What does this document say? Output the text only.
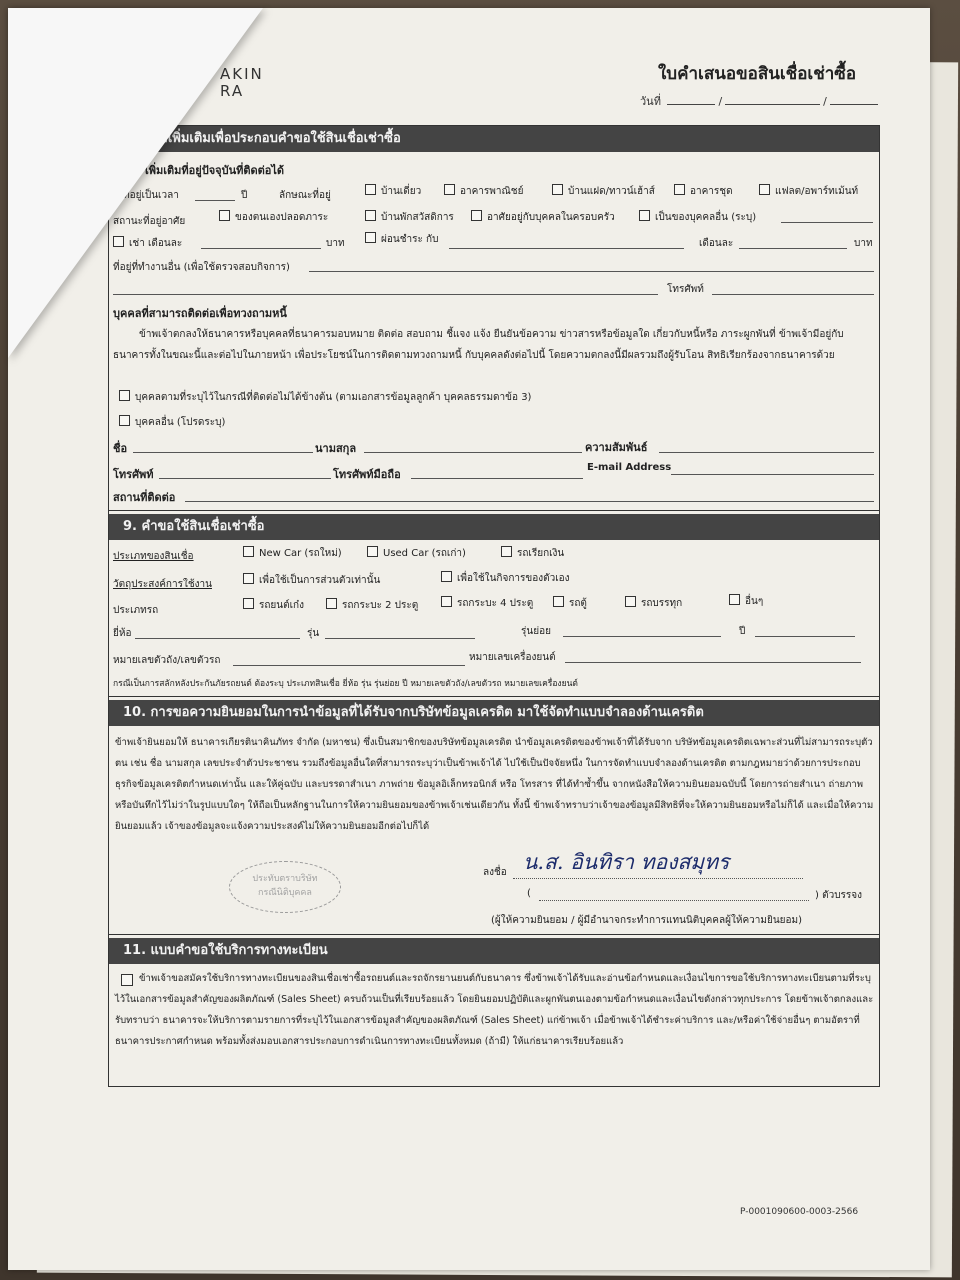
AKIN
RA
ใบคำเสนอขอสินเชื่อเช่าซื้อ
วันที่	/	/
ผู้เช่าซื้อเพิ่มเติมเพื่อประกอบคำขอใช้สินเชื่อเช่าซื้อ
เพิ่มเติมที่อยู่ปัจจุบันที่ติดต่อได้
ที่อยู่เป็นเวลา	ปี	ลักษณะที่อยู่	บ้านเดี่ยว	อาคารพาณิชย์	บ้านแฝด/ทาวน์เฮ้าส์	อาคารชุด	แฟลต/อพาร์ทเม้นท์
สถานะที่อยู่อาศัย	ของตนเองปลอดภาระ	บ้านพักสวัสดิการ	อาศัยอยู่กับบุคคลในครอบครัว	เป็นของบุคคลอื่น (ระบุ)
เช่า เดือนละ	บาท	ผ่อนชำระ กับ	เดือนละ	บาท
ที่อยู่ที่ทำงานอื่น (เพื่อใช้ตรวจสอบกิจการ)
โทรศัพท์
บุคคลที่สามารถติดต่อเพื่อทวงถามหนี้
ข้าพเจ้าตกลงให้ธนาคารหรือบุคคลที่ธนาคารมอบหมาย ติดต่อ สอบถาม ชี้แจง แจ้ง ยืนยันข้อความ ข่าวสารหรือข้อมูลใด เกี่ยวกับหนี้หรือ ภาระผูกพันที่ ข้าพเจ้ามีอยู่กับธนาคารทั้งในขณะนี้และต่อไปในภายหน้า เพื่อประโยชน์ในการติดตามทวงถามหนี้ กับบุคคลดังต่อไปนี้ โดยความตกลงนี้มีผลรวมถึงผู้รับโอน สิทธิเรียกร้องจากธนาคารด้วย
บุคคลตามที่ระบุไว้ในกรณีที่ติดต่อไม่ได้ข้างต้น (ตามเอกสารข้อมูลลูกค้า บุคคลธรรมดาข้อ 3)
บุคคลอื่น (โปรดระบุ)
ชื่อ	นามสกุล	ความสัมพันธ์
โทรศัพท์	โทรศัพท์มือถือ
E-mail Address
สถานที่ติดต่อ
9. คำขอใช้สินเชื่อเช่าซื้อ
ประเภทของสินเชื่อ	New Car (รถใหม่)	Used Car (รถเก่า)	รถเรียกเงิน
วัตถุประสงค์การใช้งาน	เพื่อใช้เป็นการส่วนตัวเท่านั้น	เพื่อใช้ในกิจการของตัวเอง
ประเภทรถ	รถยนต์เก๋ง	รถกระบะ 2 ประตู	รถกระบะ 4 ประตู	รถตู้	รถบรรทุก	อื่นๆ
ยี่ห้อ	รุ่น	รุ่นย่อย	ปี
หมายเลขตัวถัง/เลขตัวรถ	หมายเลขเครื่องยนต์
กรณีเป็นการสลักหลังประกันภัยรถยนต์ ต้องระบุ ประเภทสินเชื่อ ยี่ห้อ รุ่น รุ่นย่อย ปี หมายเลขตัวถัง/เลขตัวรถ หมายเลขเครื่องยนต์
10. การขอความยินยอมในการนำข้อมูลที่ได้รับจากบริษัทข้อมูลเครดิต มาใช้จัดทำแบบจำลองด้านเครดิต
ข้าพเจ้ายินยอมให้ ธนาคารเกียรตินาคินภัทร จำกัด (มหาชน) ซึ่งเป็นสมาชิกของบริษัทข้อมูลเครดิต นำข้อมูลเครดิตของข้าพเจ้าที่ได้รับจาก บริษัทข้อมูลเครดิตเฉพาะส่วนที่ไม่สามารถระบุตัวตน เช่น ชื่อ นามสกุล เลขประจำตัวประชาชน รวมถึงข้อมูลอื่นใดที่สามารถระบุว่าเป็นข้าพเจ้าได้ ไปใช้เป็นปัจจัยหนึ่ง ในการจัดทำแบบจำลองด้านเครดิต ตามกฎหมายว่าด้วยการประกอบธุรกิจข้อมูลเครดิตกำหนดเท่านั้น และให้คู่ฉบับ และบรรดาสำเนา ภาพถ่าย ข้อมูลอิเล็กทรอนิกส์ หรือ โทรสาร ที่ได้ทำซ้ำขึ้น จากหนังสือให้ความยินยอมฉบับนี้ โดยการถ่ายสำเนา ถ่ายภาพหรือบันทึกไว้ไม่ว่าในรูปแบบใดๆ ให้ถือเป็นหลักฐานในการให้ความยินยอมของข้าพเจ้าเช่นเดียวกัน ทั้งนี้ ข้าพเจ้าทราบว่าเจ้าของข้อมูลมีสิทธิที่จะให้ความยินยอมหรือไม่ก็ได้ และเมื่อให้ความยินยอมแล้ว เจ้าของข้อมูลจะแจ้งความประสงค์ไม่ให้ความยินยอมอีกต่อไปก็ได้
ประทับตราบริษัท
กรณีนิติบุคคล
ลงชื่อ น.ส. อินทิรา ทองสมุทร
(	) ตัวบรรจง
(ผู้ให้ความยินยอม / ผู้มีอำนาจกระทำการแทนนิติบุคคลผู้ให้ความยินยอม)
11. แบบคำขอใช้บริการทางทะเบียน
ข้าพเจ้าขอสมัครใช้บริการทางทะเบียนของสินเชื่อเช่าซื้อรถยนต์และรถจักรยานยนต์กับธนาคาร ซึ่งข้าพเจ้าได้รับและอ่านข้อกำหนดและเงื่อนไขการขอใช้บริการทางทะเบียนตามที่ระบุไว้ในเอกสารข้อมูลสำคัญของผลิตภัณฑ์ (Sales Sheet) ครบถ้วนเป็นที่เรียบร้อยแล้ว โดยยินยอมปฏิบัติและผูกพันตนเองตามข้อกำหนดและเงื่อนไขดังกล่าวทุกประการ โดยข้าพเจ้าตกลงและรับทราบว่า ธนาคารจะให้บริการตามรายการที่ระบุไว้ในเอกสารข้อมูลสำคัญของผลิตภัณฑ์ (Sales Sheet) แก่ข้าพเจ้า เมื่อข้าพเจ้าได้ชำระค่าบริการ และ/หรือค่าใช้จ่ายอื่นๆ ตามอัตราที่ธนาคารประกาศกำหนด พร้อมทั้งส่งมอบเอกสารประกอบการดำเนินการทางทะเบียนทั้งหมด (ถ้ามี) ให้แก่ธนาคารเรียบร้อยแล้ว
P-0001090600-0003-2566
